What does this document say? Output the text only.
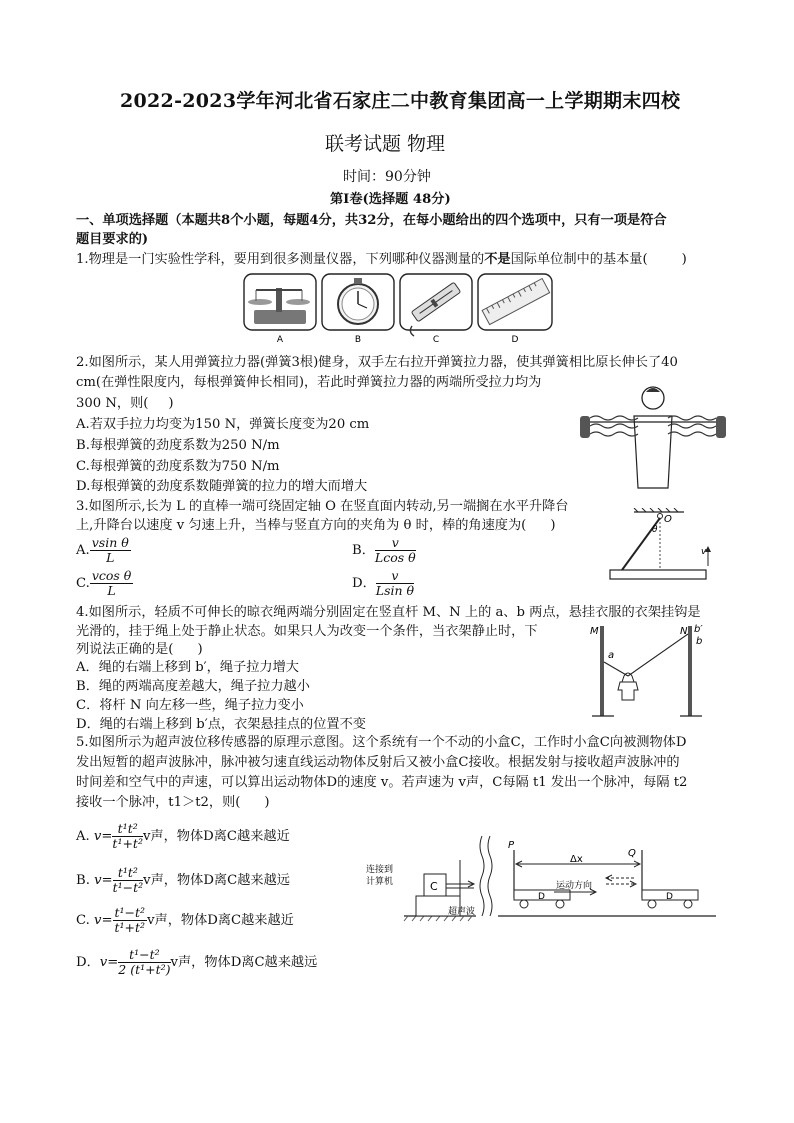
2022-2023学年河北省石家庄二中教育集团高一上学期期末四校
联考试题 物理
时间：90分钟
第I卷(选择题 48分)
一、单项选择题（本题共8个小题，每题4分，共32分，在每小题给出的四个选项中，只有一项是符合
题目要求的)
1.物理是一门实验性学科，要用到很多测量仪器，下列哪种仪器测量的不是国际单位制中的基本量(	)
A	B	C	D
2.如图所示，某人用弹簧拉力器(弹簧3根)健身，双手左右拉开弹簧拉力器，使其弹簧相比原长伸长了40
cm(在弹性限度内，每根弹簧伸长相同)，若此时弹簧拉力器的两端所受拉力均为
300 N，则( )
A.若双手拉力均变为150 N，弹簧长度变为20 cm
B.每根弹簧的劲度系数为250 N/m
C.每根弹簧的劲度系数为750 N/m
D.每根弹簧的劲度系数随弹簧的拉力的增大而增大
3.如图所示,长为 L 的直棒一端可绕固定轴 O 在竖直面内转动,另一端搁在水平升降台
上,升降台以速度 v 匀速上升，当棒与竖直方向的夹角为 θ 时，棒的角速度为( )
A. $\frac{\text{vsin θ}}{L}$	B． $\frac{v}{\text{Lcos θ}}$
C. $\frac{\text{vcos θ}}{L}$	D． $\frac{v}{\text{Lsin θ}}$
O
θ
v
4.如图所示，轻质不可伸长的晾衣绳两端分别固定在竖直杆 M、N 上的 a、b 两点，悬挂衣服的衣架挂钩是
光滑的，挂于绳上处于静止状态。如果只人为改变一个条件，当衣架静止时，下
列说法正确的是( )
A．绳的右端上移到 b′，绳子拉力增大
B．绳的两端高度差越大，绳子拉力越小
C．将杆 N 向左移一些，绳子拉力变小
D．绳的右端上移到 b′点，衣架悬挂点的位置不变
M	N
a
b
b′
5.如图所示为超声波位移传感器的原理示意图。这个系统有一个不动的小盒C，工作时小盒C向被测物体D
发出短暂的超声波脉冲，脉冲被匀速直线运动物体反射后又被小盒C接收。根据发射与接收超声波脉冲的
时间差和空气中的声速，可以算出运动物体D的速度 v。若声速为 v声，C每隔 t1 发出一个脉冲，每隔 t2
接收一个脉冲，t1＞t2，则( )
A. $v= \frac{\text{t¹t²}}{\text{t¹+t²}}$ v声，物体D离C越来越近
B. $v= \frac{\text{t¹t²}}{\text{t¹−t²}}$ v声，物体D离C越来越远
C. $v= \frac{\text{t¹−t²}}{\text{t¹+t²}}$ v声，物体D离C越来越近
D．$v= \frac{\text{t¹−t²}}{\text{2 (t¹+t²)}}$ v声，物体D离C越来越远
连接到
计算机	C
P
Q
Δx
运动方向
超声波
D	D
